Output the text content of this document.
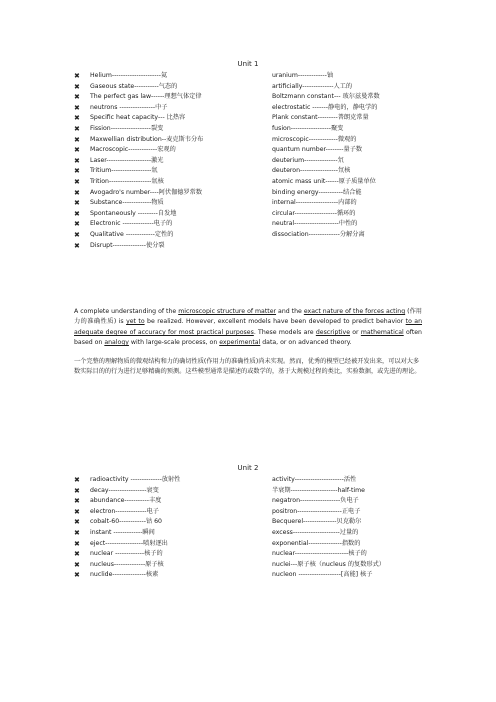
Unit 1
✖ Helium----------------------氦	uranium-------------铀
✖ Gaseous state-----------气态的	artificially--------------人工的
✖ The perfect gas law------理想气体定律	Boltzmann constant--- 玻尔兹曼常数
✖ neutrons ----------------中子	electrostatic -------静电的，静电学的
✖ Specific heat capacity--- 比热容	Plank constant---------普朗克常量
✖ Fission------------------裂变	fusion------------------聚变
✖ Maxwellian distribution--麦克斯韦分布	microscopic-------------微观的
✖ Macroscopic-------------宏观的	quantum number--------量子数
✖ Laser--------------------激光	deuterium---------------氘
✖ Tritium------------------氚	deuteron-----------------氘核
✖ Trition-------------------氚核	atomic mass unit------原子质量单位
✖ Avogadro's number----阿伏伽德罗常数	binding energy-----------结合能
✖ Substance-------------物质	internal-------------------内部的
✖ Spontaneously ---------自发地	circular-------------------循环的
✖ Electronic --------------电子的	neutral--------------------中性的
✖ Qualitative -------------定性的	dissociation--------------分解分离
✖ Disrupt---------------使分裂
A complete understanding of the microscopic structure of matter and the exact nature of the forces acting (作用力的准确性质) is yet to be realized. However, excellent models have been developed to predict behavior to an adequate degree of accuracy for most practical purposes. These models are descriptive or mathematical often based on analogy with large-scale process, on experimental data, or on advanced theory.
一个完整的理解物质的微观结构和力的确切性质(作用力的准确性质)尚未实现。然而，优秀的模型已经被开发出来，可以对大多数实际目的的行为进行足够精确的预测。这些模型通常是描述的或数学的，基于大规模过程的类比，实验数据，或先进的理论。
Unit 2
✖ radioactivity --------------放射性	activity----------------------活性
✖ decay-----------------衰变	半衰期---------------------half-time
✖ abundance-----------丰度	negatron------------------负电子
✖ electron--------------电子	positron--------------------正电子
✖ cobalt-60------------钴 60	Becquerel---------------贝克勒尔
✖ instant -------------瞬间	excess---------------------过量的
✖ eject-----------------喷射逐出	exponential---------------指数的
✖ nuclear -------------核子的	nuclear------------------------核子的
✖ nucleus--------------原子核	nuclei---原子核（nucleus 的复数形式）
✖ nuclide---------------核素	nucleon -------------------[高能] 核子
